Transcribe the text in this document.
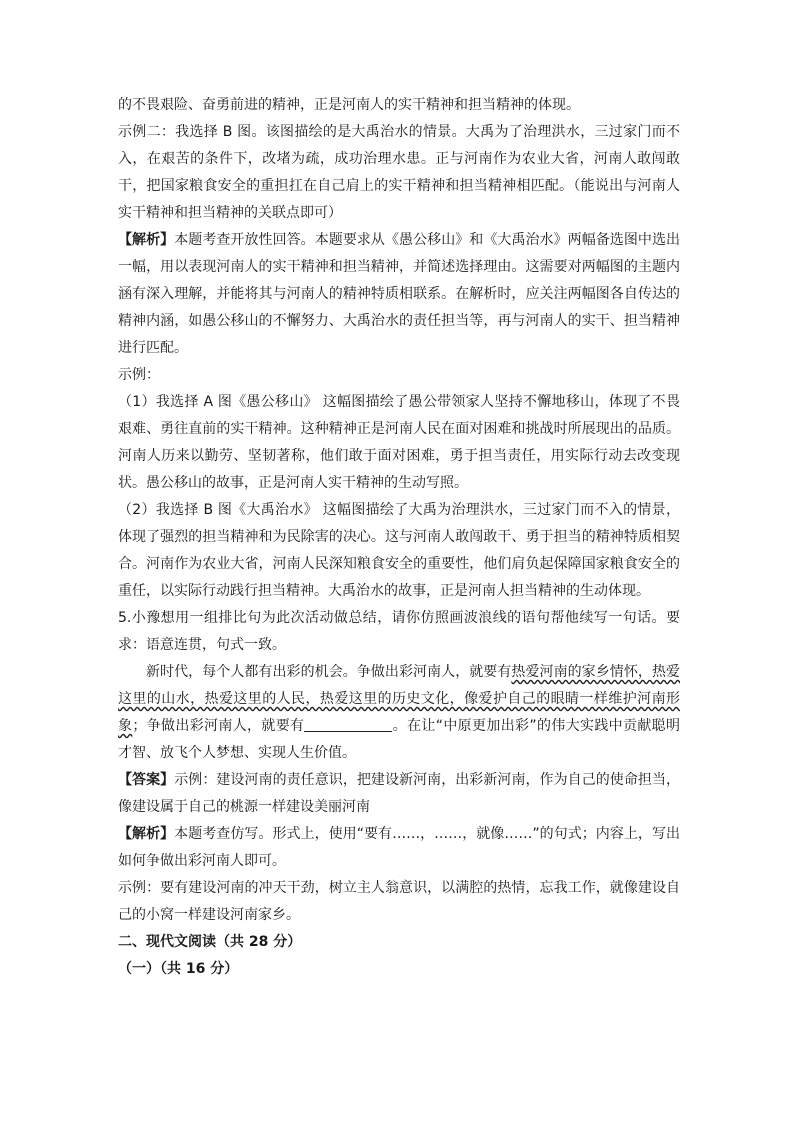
的不畏艰险、奋勇前进的精神，正是河南人的实干精神和担当精神的体现。

示例二：我选择 B 图。该图描绘的是大禹治水的情景。大禹为了治理洪水，三过家门而不入，在艰苦的条件下，改堵为疏，成功治理水患。正与河南作为农业大省，河南人敢闯敢干，把国家粮食安全的重担扛在自己肩上的实干精神和担当精神相匹配。（能说出与河南人实干精神和担当精神的关联点即可）

【解析】本题考查开放性回答。本题要求从《愚公移山》和《大禹治水》两幅备选图中选出一幅，用以表现河南人的实干精神和担当精神，并简述选择理由。这需要对两幅图的主题内涵有深入理解，并能将其与河南人的精神特质相联系。在解析时，应关注两幅图各自传达的精神内涵，如愚公移山的不懈努力、大禹治水的责任担当等，再与河南人的实干、担当精神进行匹配。

示例：

（1）我选择 A 图《愚公移山》 这幅图描绘了愚公带领家人坚持不懈地移山，体现了不畏艰难、勇往直前的实干精神。这种精神正是河南人民在面对困难和挑战时所展现出的品质。河南人历来以勤劳、坚韧著称，他们敢于面对困难，勇于担当责任，用实际行动去改变现状。愚公移山的故事，正是河南人实干精神的生动写照。

（2）我选择 B 图《大禹治水》 这幅图描绘了大禹为治理洪水，三过家门而不入的情景，体现了强烈的担当精神和为民除害的决心。这与河南人敢闯敢干、勇于担当的精神特质相契合。河南作为农业大省，河南人民深知粮食安全的重要性，他们肩负起保障国家粮食安全的重任，以实际行动践行担当精神。大禹治水的故事，正是河南人担当精神的生动体现。

5.小豫想用一组排比句为此次活动做总结，请你仿照画波浪线的语句帮他续写一句话。要求：语意连贯，句式一致。

新时代，每个人都有出彩的机会。争做出彩河南人，就要有热爱河南的家乡情怀，热爱这里的山水，热爱这里的人民，热爱这里的历史文化，像爱护自己的眼睛一样维护河南形象；争做出彩河南人，就要有	。在让“中原更加出彩”的伟大实践中贡献聪明才智、放飞个人梦想、实现人生价值。

【答案】示例：建设河南的责任意识，把建设新河南，出彩新河南，作为自己的使命担当，像建设属于自己的桃源一样建设美丽河南

【解析】本题考查仿写。形式上，使用“要有……，……，就像……”的句式；内容上，写出如何争做出彩河南人即可。

示例：要有建设河南的冲天干劲，树立主人翁意识，以满腔的热情，忘我工作，就像建设自己的小窝一样建设河南家乡。

二、现代文阅读（共 28 分）

（一）（共 16 分）
